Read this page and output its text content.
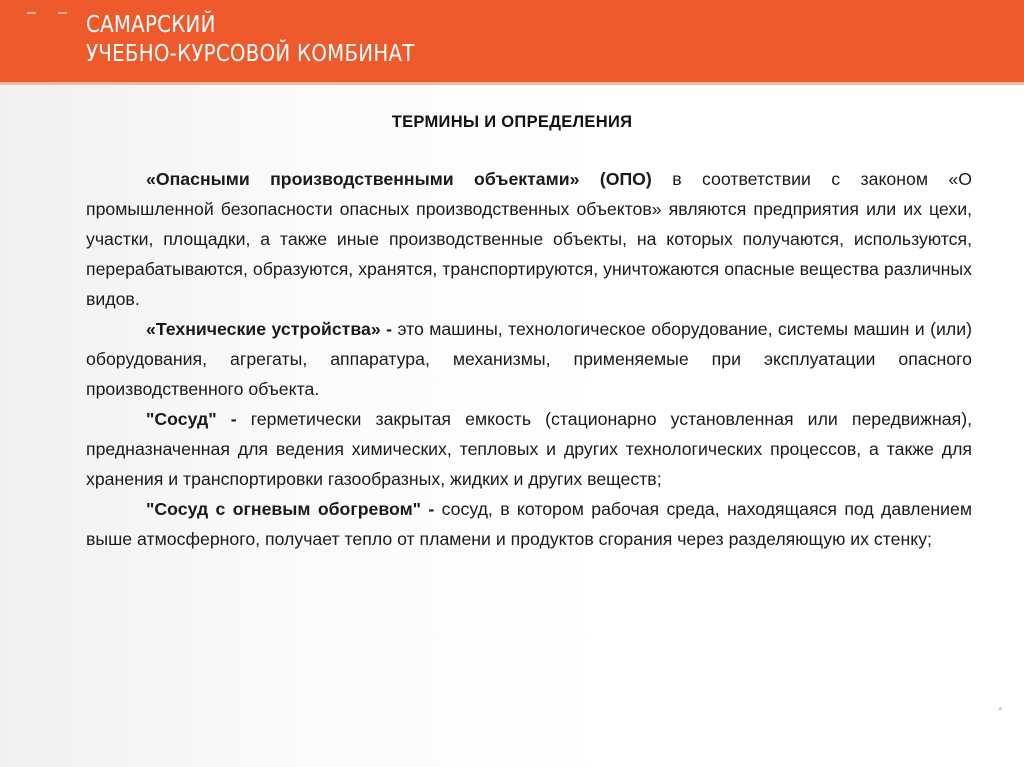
– – САМАРСКИЙ
УЧЕБНО-КУРСОВОЙ КОМБИНАТ
ТЕРМИНЫ И ОПРЕДЕЛЕНИЯ

«Опасными производственными объектами» (ОПО) в соответствии с законом «О промышленной безопасности опасных производственных объектов» являются предприятия или их цехи, участки, площадки, а также иные производственные объекты, на которых получаются, используются, перерабатываются, образуются, хранятся, транспортируются, уничтожаются опасные вещества различных видов.

«Технические устройства» - это машины, технологическое оборудование, системы машин и (или) оборудования, агрегаты, аппаратура, механизмы, применяемые при эксплуатации опасного производственного объекта.

"Сосуд" - герметически закрытая емкость (стационарно установленная или передвижная), предназначенная для ведения химических, тепловых и других технологических процессов, а также для хранения и транспортировки газообразных, жидких и других веществ;

"Сосуд с огневым обогревом" - сосуд, в котором рабочая среда, находящаяся под давлением выше атмосферного, получает тепло от пламени и продуктов сгорания через разделяющую их стенку;

•
